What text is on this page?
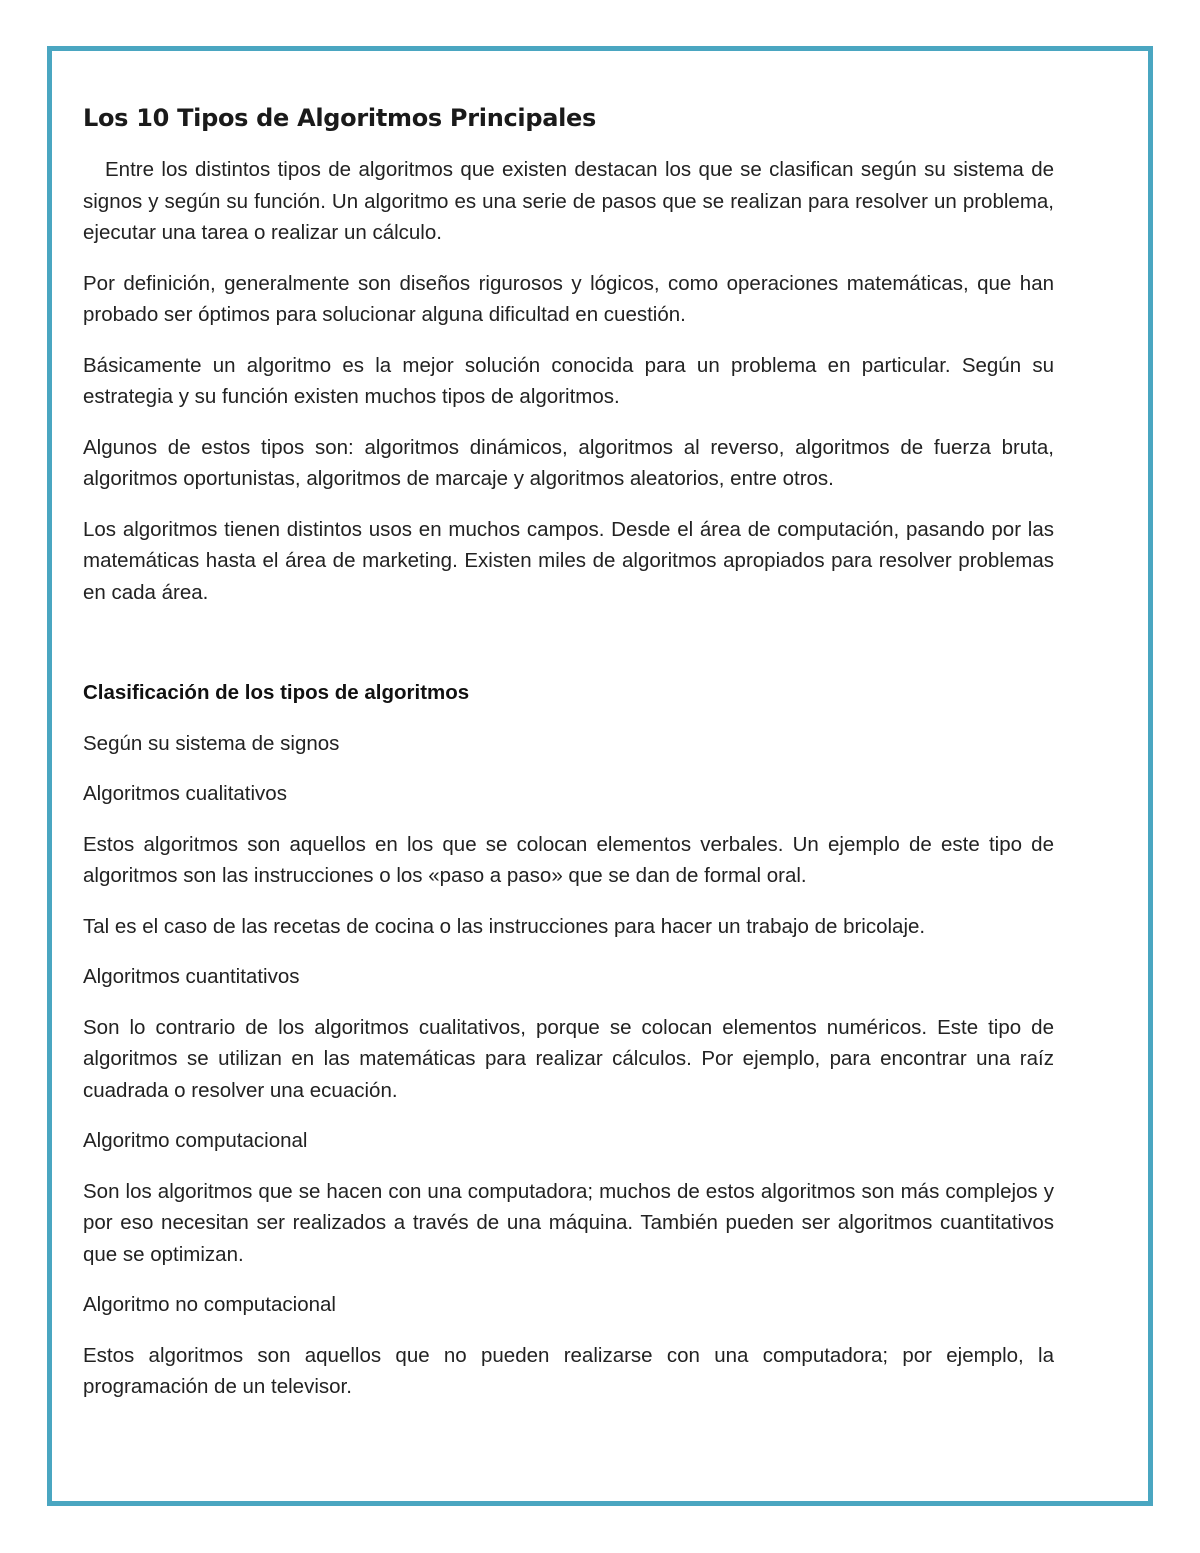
Los 10 Tipos de Algoritmos Principales

Entre los distintos tipos de algoritmos que existen destacan los que se clasifican según su sistema de signos y según su función. Un algoritmo es una serie de pasos que se realizan para resolver un problema, ejecutar una tarea o realizar un cálculo.

Por definición, generalmente son diseños rigurosos y lógicos, como operaciones matemáticas, que han probado ser óptimos para solucionar alguna dificultad en cuestión.

Básicamente un algoritmo es la mejor solución conocida para un problema en particular. Según su estrategia y su función existen muchos tipos de algoritmos.

Algunos de estos tipos son: algoritmos dinámicos, algoritmos al reverso, algoritmos de fuerza bruta, algoritmos oportunistas, algoritmos de marcaje y algoritmos aleatorios, entre otros.

Los algoritmos tienen distintos usos en muchos campos. Desde el área de computación, pasando por las matemáticas hasta el área de marketing. Existen miles de algoritmos apropiados para resolver problemas en cada área.

Clasificación de los tipos de algoritmos

Según su sistema de signos

Algoritmos cualitativos

Estos algoritmos son aquellos en los que se colocan elementos verbales. Un ejemplo de este tipo de algoritmos son las instrucciones o los «paso a paso» que se dan de formal oral.

Tal es el caso de las recetas de cocina o las instrucciones para hacer un trabajo de bricolaje.

Algoritmos cuantitativos

Son lo contrario de los algoritmos cualitativos, porque se colocan elementos numéricos. Este tipo de algoritmos se utilizan en las matemáticas para realizar cálculos. Por ejemplo, para encontrar una raíz cuadrada o resolver una ecuación.

Algoritmo computacional

Son los algoritmos que se hacen con una computadora; muchos de estos algoritmos son más complejos y por eso necesitan ser realizados a través de una máquina. También pueden ser algoritmos cuantitativos que se optimizan.

Algoritmo no computacional

Estos algoritmos son aquellos que no pueden realizarse con una computadora; por ejemplo, la programación de un televisor.
